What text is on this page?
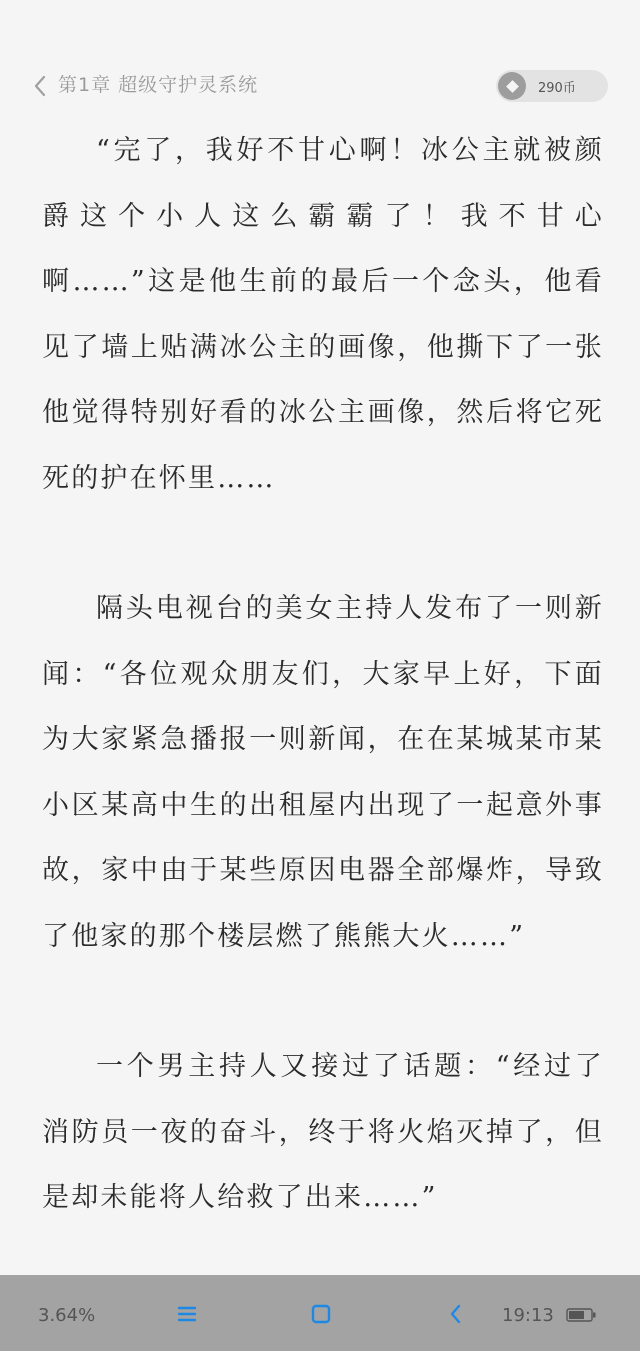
第1章 超级守护灵系统	290币

“完了，我好不甘心啊！冰公主就被颜爵这个小人这么霸霸了！我不甘心啊……”这是他生前的最后一个念头，他看见了墙上贴满冰公主的画像，他撕下了一张他觉得特别好看的冰公主画像，然后将它死死的护在怀里……

隔头电视台的美女主持人发布了一则新闻：“各位观众朋友们，大家早上好，下面为大家紧急播报一则新闻，在在某城某市某小区某高中生的出租屋内出现了一起意外事故，家中由于某些原因电器全部爆炸，导致了他家的那个楼层燃了熊熊大火……”

一个男主持人又接过了话题：“经过了消防员一夜的奋斗，终于将火焰灭掉了，但是却未能将人给救了出来……”

3.64%	19:13
